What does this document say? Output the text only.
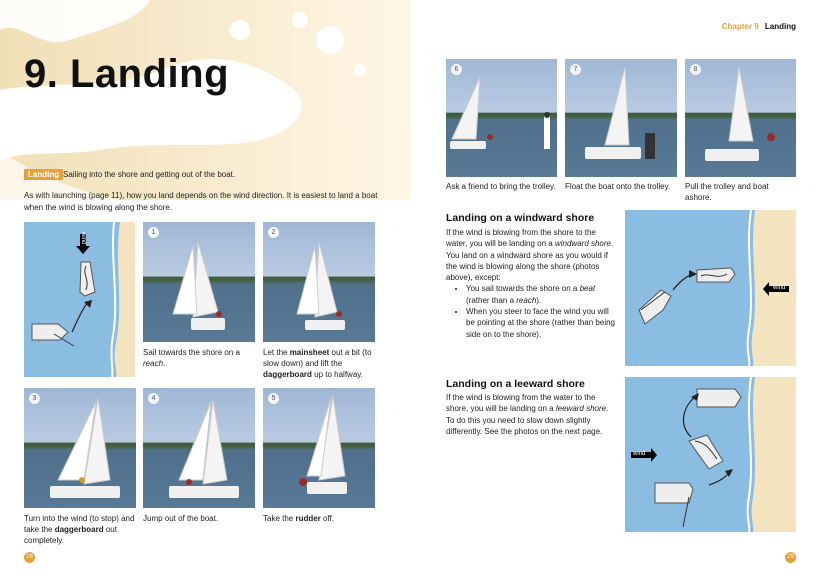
Chapter 9 Landing
9. Landing
Landing Sailing into the shore and getting out of the boat.
As with launching (page 11), how you land depends on the wind direction. It is easiest to land a boat when the wind is blowing along the shore.
wind	1	2
Sail towards the shore on a reach.
Let the mainsheet out a bit (to slow down) and lift the daggerboard up to halfway.
3	4	5
Turn into the wind (to stop) and take the daggerboard out completely.
Jump out of the boat.	Take the rudder off.
28
6	7	8
Ask a friend to bring the trolley. Float the boat onto the trolley.	Pull the trolley and boat ashore.
Landing on a windward shore
If the wind is blowing from the shore to the water, you will be landing on a windward shore. You land on a windward shore as you would if the wind is blowing along the shore (photos above), except:
• You sail towards the shore on a beat (rather than a reach).
• When you steer to face the wind you will be pointing at the shore (rather than being side on to the shore).
wind
Landing on a leeward shore
If the wind is blowing from the water to the shore, you will be landing on a leeward shore. To do this you need to slow down slightly differently. See the photos on the next page.
wind
29
